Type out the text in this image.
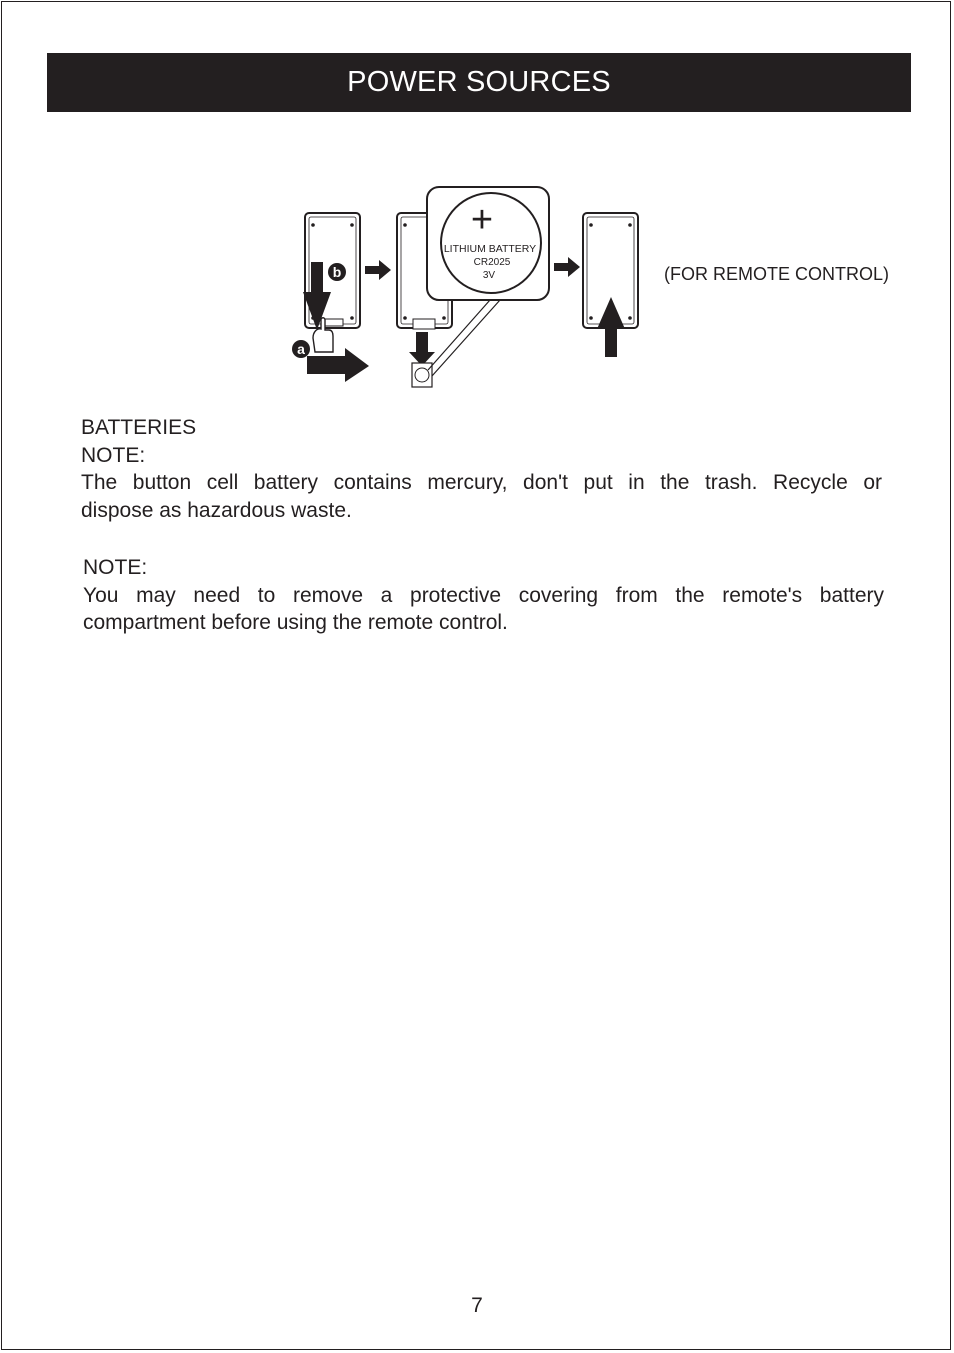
POWER SOURCES
b
a
+
LITHIUM BATTERY
CR2025
3V	(FOR REMOTE CONTROL)
BATTERIES
NOTE:
The button cell battery contains mercury, don't put in the trash. Recycle or
dispose as hazardous waste.
NOTE:
You may need to remove a protective covering from the remote's battery
compartment before using the remote control.
7
